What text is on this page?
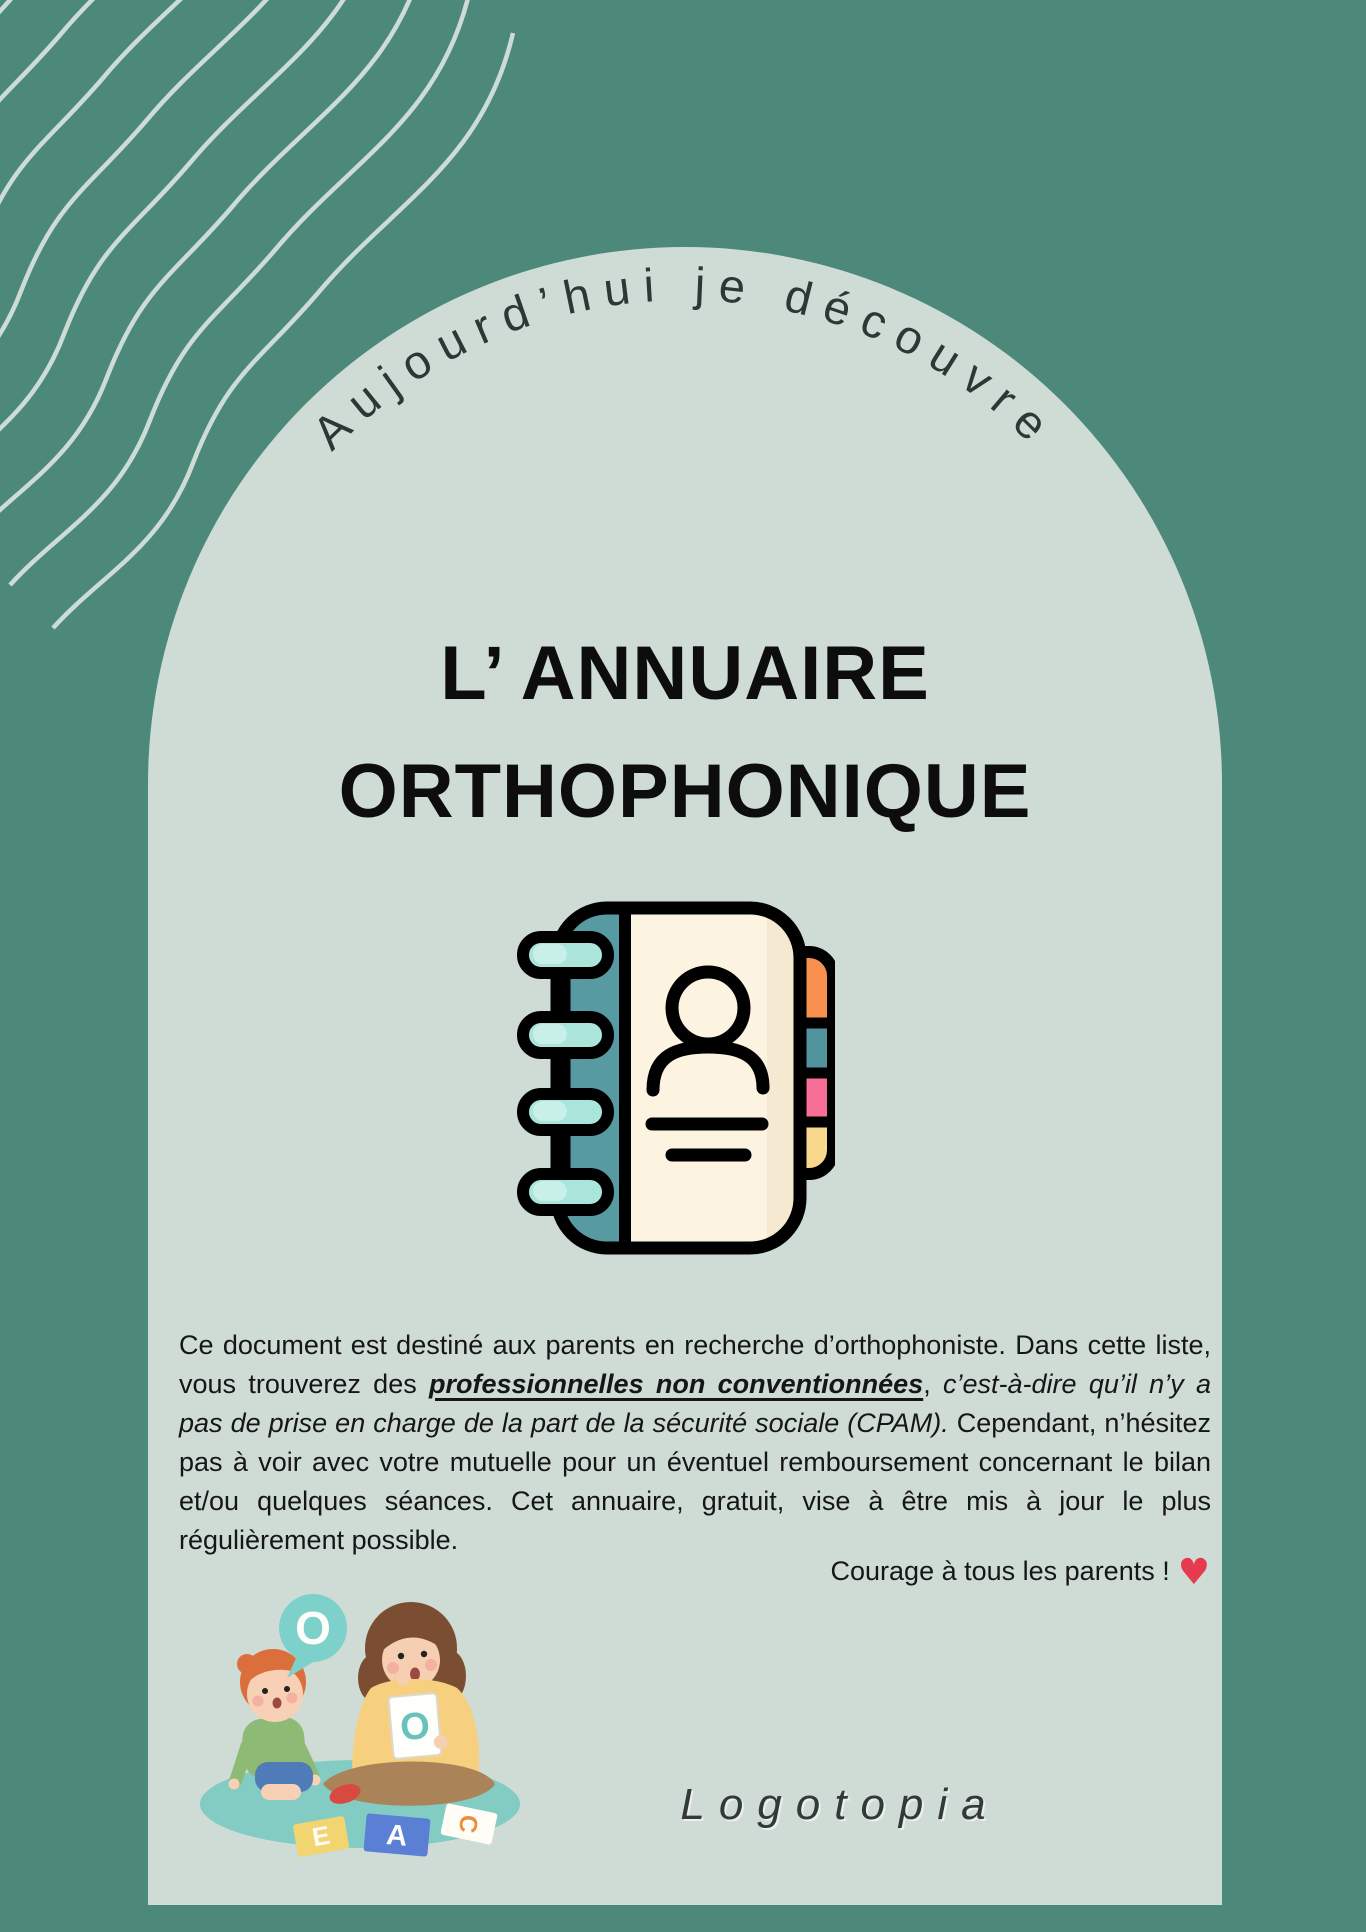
Aujourd’hui je découvre
L’ ANNUAIRE
ORTHOPHONIQUE

Ce document est destiné aux parents en recherche d’orthophoniste. Dans cette liste, vous trouverez des professionnelles non conventionnées, c’est-à-dire qu’il n’y a pas de prise en charge de la part de la sécurité sociale (CPAM). Cependant, n’hésitez pas à voir avec votre mutuelle pour un éventuel remboursement concernant le bilan et/ou quelques séances. Cet annuaire, gratuit, vise à être mis à jour le plus régulièrement possible.

Courage à tous les parents ! ♥
O
O
E A C	Logotopia
